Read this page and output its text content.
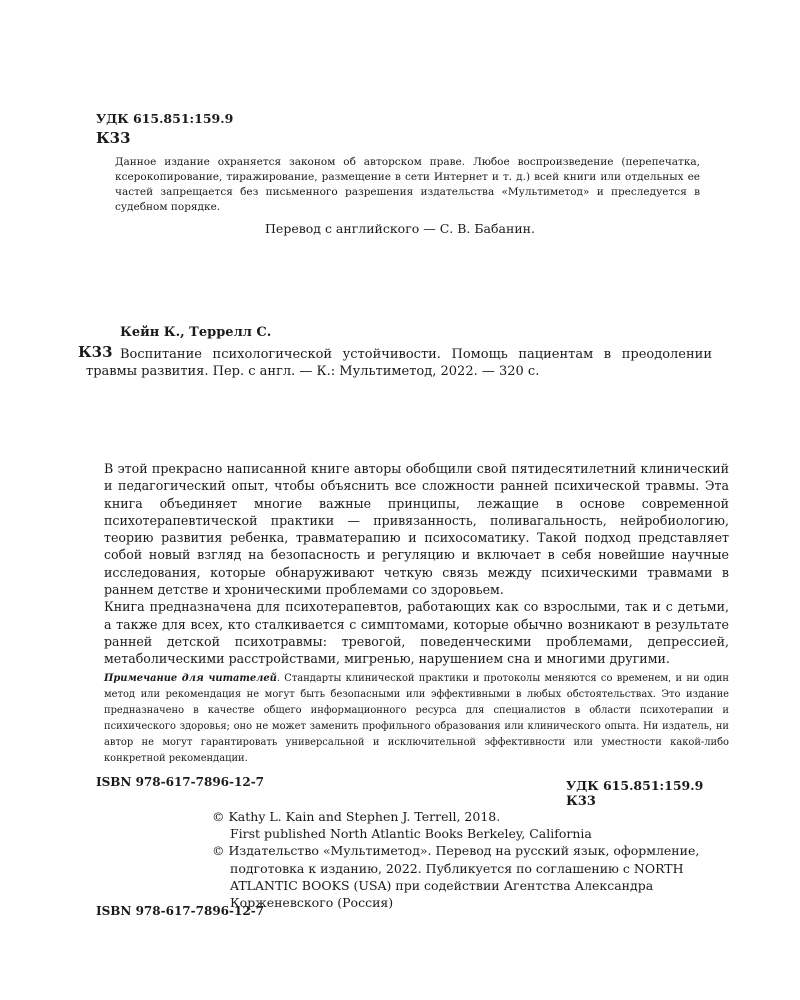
УДК 615.851:159.9
К33
Данное издание охраняется законом об авторском праве. Любое воспроизведение (перепечатка, ксерокопирование, тиражирование, размещение в сети Интернет и т. д.) всей книги или отдельных ее частей запрещается без письменного разрешения издательства «Мультиметод» и преследуется в судебном порядке.
Перевод с английского — С. В. Бабанин.
Кейн К., Террелл С.
К33 Воспитание психологической устойчивости. Помощь пациентам в преодолении
травмы развития. Пер. с англ. — К.: Мультиметод, 2022. — 320 с.

В этой прекрасно написанной книге авторы обобщили свой пятидесятилетний клинический и педагогический опыт, чтобы объяснить все сложности ранней психической травмы. Эта книга объединяет многие важные принципы, лежащие в основе современной психотерапевтической практики — привязанность, поливагальность, нейробиологию, теорию развития ребенка, травматерапию и психосоматику. Такой подход представляет собой новый взгляд на безопасность и регуляцию и включает в себя новейшие научные исследования, которые обнаруживают четкую связь между психическими травмами в раннем детстве и хроническими проблемами со здоровьем.

Книга предназначена для психотерапевтов, работающих как со взрослыми, так и с детьми, а также для всех, кто сталкивается с симптомами, которые обычно возникают в результате ранней детской психотравмы: тревогой, поведенческими проблемами, депрессией, метаболическими расстройствами, мигренью, нарушением сна и многими другими.

Примечание для читателей. Стандарты клинической практики и протоколы меняются со временем, и ни один метод или рекомендация не могут быть безопасными или эффективными в любых обстоятельствах. Это издание предназначено в качестве общего информационного ресурса для специалистов в области психотерапии и психического здоровья; оно не может заменить профильного образования или клинического опыта. Ни издатель, ни автор не могут гарантировать универсальной и исключительной эффективности или уместности какой-либо конкретной рекомендации.
ISBN 978-617-7896-12-7	УДК 615.851:159.9
К33
© Kathy L. Kain and Stephen J. Terrell, 2018.
First published North Atlantic Books Berkeley, California
© Издательство «Мультиметод». Перевод на русский язык, оформление,
подготовка к изданию, 2022. Публикуется по соглашению с NORTH
ATLANTIC BOOKS (USA) при содействии Агентства Александра
Корженевского (Россия)
ISBN 978-617-7896-12-7
